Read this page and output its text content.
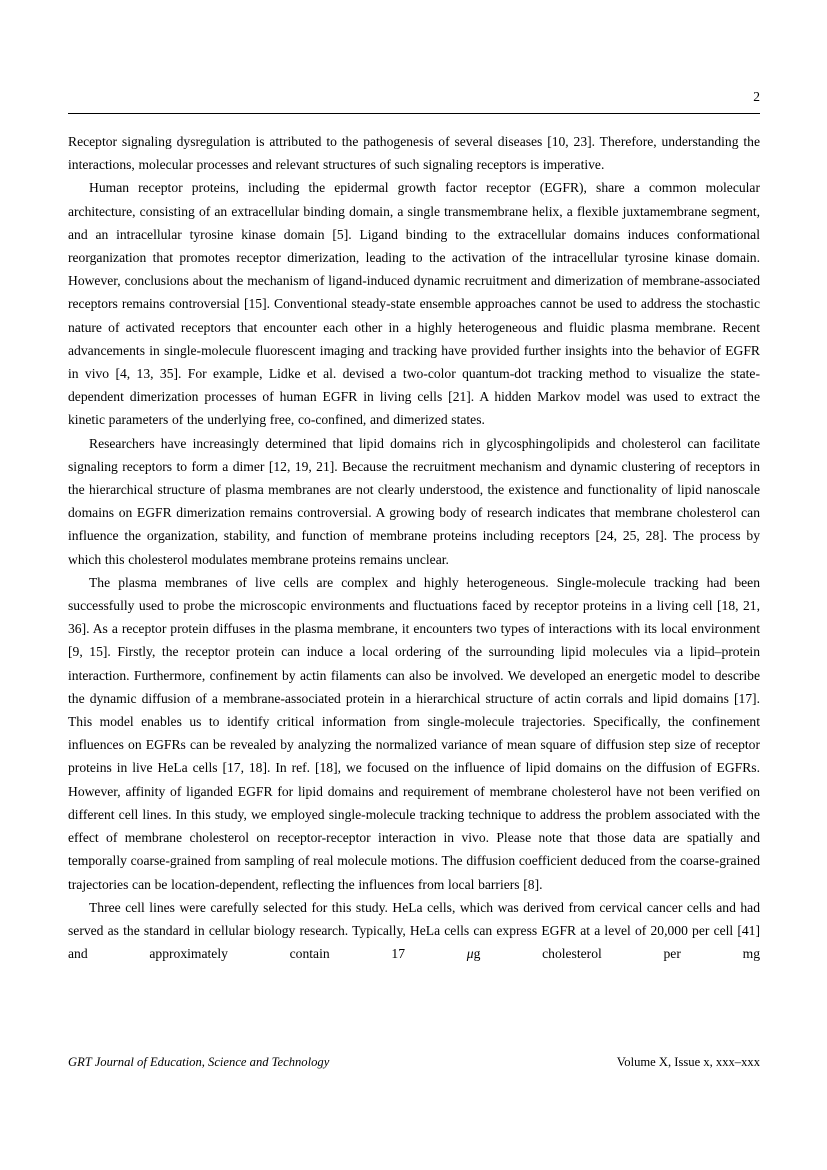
2

Receptor signaling dysregulation is attributed to the pathogenesis of several diseases [10, 23]. Therefore, understanding the interactions, molecular processes and relevant structures of such signaling receptors is imperative.

Human receptor proteins, including the epidermal growth factor receptor (EGFR), share a common molecular architecture, consisting of an extracellular binding domain, a single transmembrane helix, a flexible juxtamembrane segment, and an intracellular tyrosine kinase domain [5]. Ligand binding to the extracellular domains induces conformational reorganization that promotes receptor dimerization, leading to the activation of the intracellular tyrosine kinase domain. However, conclusions about the mechanism of ligand-induced dynamic recruitment and dimerization of membrane-associated receptors remains controversial [15]. Conventional steady-state ensemble approaches cannot be used to address the stochastic nature of activated receptors that encounter each other in a highly heterogeneous and fluidic plasma membrane. Recent advancements in single-molecule fluorescent imaging and tracking have provided further insights into the behavior of EGFR in vivo [4, 13, 35]. For example, Lidke et al. devised a two-color quantum-dot tracking method to visualize the state-dependent dimerization processes of human EGFR in living cells [21]. A hidden Markov model was used to extract the kinetic parameters of the underlying free, co-confined, and dimerized states.

Researchers have increasingly determined that lipid domains rich in glycosphingolipids and cholesterol can facilitate signaling receptors to form a dimer [12, 19, 21]. Because the recruitment mechanism and dynamic clustering of receptors in the hierarchical structure of plasma membranes are not clearly understood, the existence and functionality of lipid nanoscale domains on EGFR dimerization remains controversial. A growing body of research indicates that membrane cholesterol can influence the organization, stability, and function of membrane proteins including receptors [24, 25, 28]. The process by which this cholesterol modulates membrane proteins remains unclear.

The plasma membranes of live cells are complex and highly heterogeneous. Single-molecule tracking had been successfully used to probe the microscopic environments and fluctuations faced by receptor proteins in a living cell [18, 21, 36]. As a receptor protein diffuses in the plasma membrane, it encounters two types of interactions with its local environment [9, 15]. Firstly, the receptor protein can induce a local ordering of the surrounding lipid molecules via a lipid–protein interaction. Furthermore, confinement by actin filaments can also be involved. We developed an energetic model to describe the dynamic diffusion of a membrane-associated protein in a hierarchical structure of actin corrals and lipid domains [17]. This model enables us to identify critical information from single-molecule trajectories. Specifically, the confinement influences on EGFRs can be revealed by analyzing the normalized variance of mean square of diffusion step size of receptor proteins in live HeLa cells [17, 18]. In ref. [18], we focused on the influence of lipid domains on the diffusion of EGFRs. However, affinity of liganded EGFR for lipid domains and requirement of membrane cholesterol have not been verified on different cell lines. In this study, we employed single-molecule tracking technique to address the problem associated with the effect of membrane cholesterol on receptor-receptor interaction in vivo. Please note that those data are spatially and temporally coarse-grained from sampling of real molecule motions. The diffusion coefficient deduced from the coarse-grained trajectories can be location-dependent, reflecting the influences from local barriers [8].

Three cell lines were carefully selected for this study. HeLa cells, which was derived from cervical cancer cells and had served as the standard in cellular biology research. Typically, HeLa cells can express EGFR at a level of 20,000 per cell [41] and approximately contain 17 μg cholesterol per mg

GRT Journal of Education, Science and Technology	Volume X, Issue x, xxx–xxx
